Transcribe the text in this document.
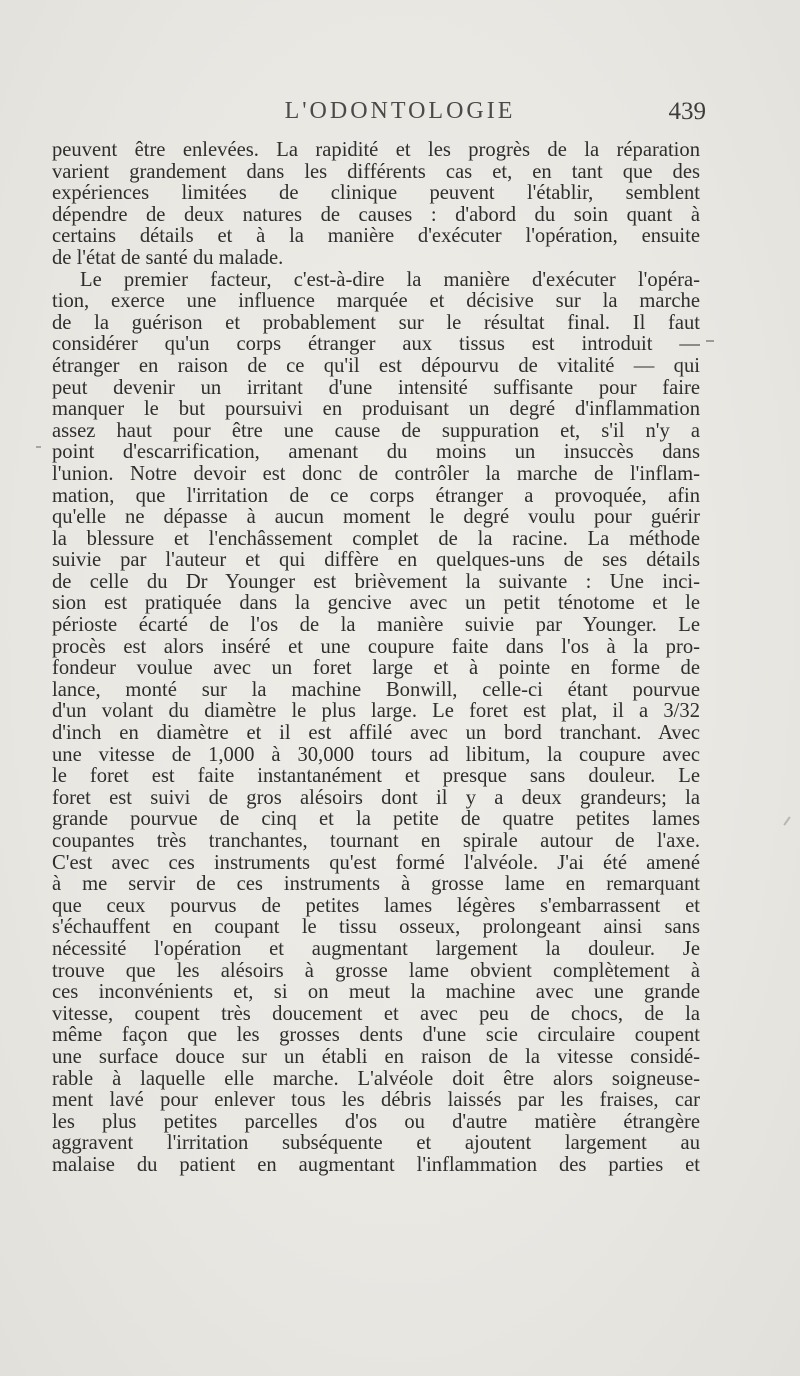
L'ODONTOLOGIE	439
peuvent être enlevées. La rapidité et les progrès de la réparation
varient grandement dans les différents cas et, en tant que des
expériences limitées de clinique peuvent l'établir, semblent
dépendre de deux natures de causes : d'abord du soin quant à
certains détails et à la manière d'exécuter l'opération, ensuite
de l'état de santé du malade.
Le premier facteur, c'est-à-dire la manière d'exécuter l'opéra-
tion, exerce une influence marquée et décisive sur la marche
de la guérison et probablement sur le résultat final. Il faut
considérer qu'un corps étranger aux tissus est introduit —
étranger en raison de ce qu'il est dépourvu de vitalité — qui
peut devenir un irritant d'une intensité suffisante pour faire
manquer le but poursuivi en produisant un degré d'inflammation
assez haut pour être une cause de suppuration et, s'il n'y a
point d'escarrification, amenant du moins un insuccès dans
l'union. Notre devoir est donc de contrôler la marche de l'inflam-
mation, que l'irritation de ce corps étranger a provoquée, afin
qu'elle ne dépasse à aucun moment le degré voulu pour guérir
la blessure et l'enchâssement complet de la racine. La méthode
suivie par l'auteur et qui diffère en quelques-uns de ses détails
de celle du Dr Younger est brièvement la suivante : Une inci-
sion est pratiquée dans la gencive avec un petit ténotome et le
périoste écarté de l'os de la manière suivie par Younger. Le
procès est alors inséré et une coupure faite dans l'os à la pro-
fondeur voulue avec un foret large et à pointe en forme de
lance, monté sur la machine Bonwill, celle-ci étant pourvue
d'un volant du diamètre le plus large. Le foret est plat, il a 3/32
d'inch en diamètre et il est affilé avec un bord tranchant. Avec
une vitesse de 1,000 à 30,000 tours ad libitum, la coupure avec
le foret est faite instantanément et presque sans douleur. Le
foret est suivi de gros alésoirs dont il y a deux grandeurs; la
grande pourvue de cinq et la petite de quatre petites lames
coupantes très tranchantes, tournant en spirale autour de l'axe.
C'est avec ces instruments qu'est formé l'alvéole. J'ai été amené
à me servir de ces instruments à grosse lame en remarquant
que ceux pourvus de petites lames légères s'embarrassent et
s'échauffent en coupant le tissu osseux, prolongeant ainsi sans
nécessité l'opération et augmentant largement la douleur. Je
trouve que les alésoirs à grosse lame obvient complètement à
ces inconvénients et, si on meut la machine avec une grande
vitesse, coupent très doucement et avec peu de chocs, de la
même façon que les grosses dents d'une scie circulaire coupent
une surface douce sur un établi en raison de la vitesse considé-
rable à laquelle elle marche. L'alvéole doit être alors soigneuse-
ment lavé pour enlever tous les débris laissés par les fraises, car
les plus petites parcelles d'os ou d'autre matière étrangère
aggravent l'irritation subséquente et ajoutent largement au
malaise du patient en augmentant l'inflammation des parties et
